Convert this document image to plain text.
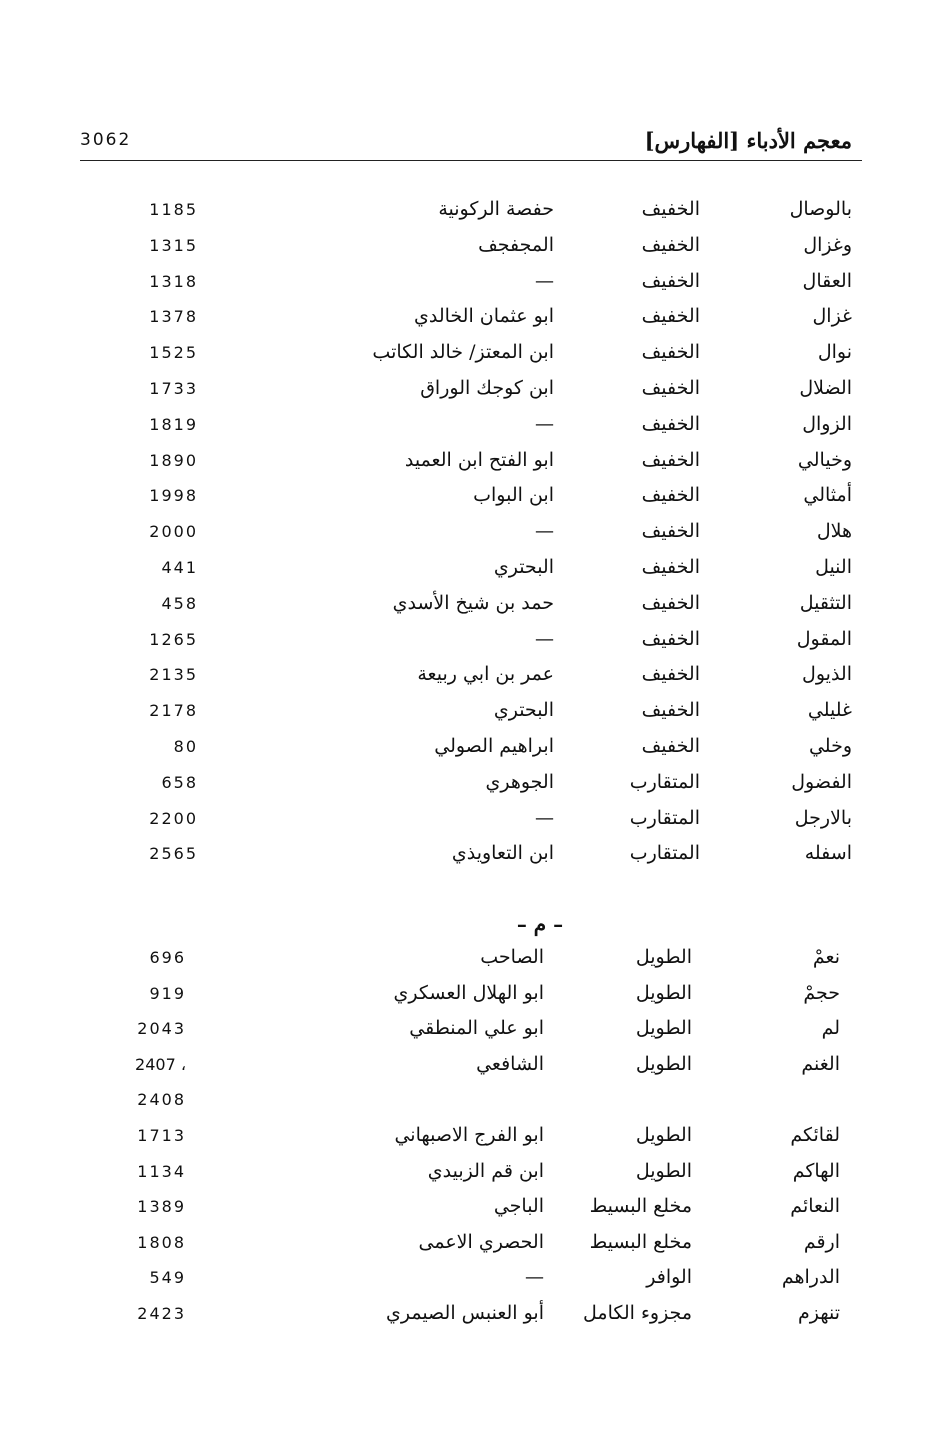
معجم الأدباء [الفهارس]
3062
بالوصال
الخفيف
حفصة الركونية
1185
وغزال
الخفيف
المجفجف
1315
العقال
الخفيف
—
1318
غزال
الخفيف
ابو عثمان الخالدي
1378
نوال
الخفيف
ابن المعتز/ خالد الكاتب
1525
الضلال
الخفيف
ابن كوجك الوراق
1733
الزوال
الخفيف
—
1819
وخيالي
الخفيف
ابو الفتح ابن العميد
1890
أمثالي
الخفيف
ابن البواب
1998
هلال
الخفيف
—
2000
النيل
الخفيف
البحتري
441
التثقيل
الخفيف
حمد بن شيخ الأسدي
458
المقول
الخفيف
—
1265
الذيول
الخفيف
عمر بن ابي ربيعة
2135
غليلي
الخفيف
البحتري
2178
وخلي
الخفيف
ابراهيم الصولي
80
الفضول
المتقارب
الجوهري
658
بالارجل
المتقارب
—
2200
اسفله
المتقارب
ابن التعاويذي
2565
– م –
نعمْ
الطويل
الصاحب
696
حجمْ
الطويل
ابو الهلال العسكري
919
لم
الطويل
ابو علي المنطقي
2043
الغنم
الطويل
الشافعي
2407 ،
2408
لقائكم
الطويل
ابو الفرج الاصبهاني
1713
الهاكم
الطويل
ابن قم الزبيدي
1134
النعائم
مخلع البسيط
الباجي
1389
ارقم
مخلع البسيط
الحصري الاعمى
1808
الدراهم
الوافر
—
549
تنهزم
مجزوء الكامل
أبو العنبس الصيمري
2423
